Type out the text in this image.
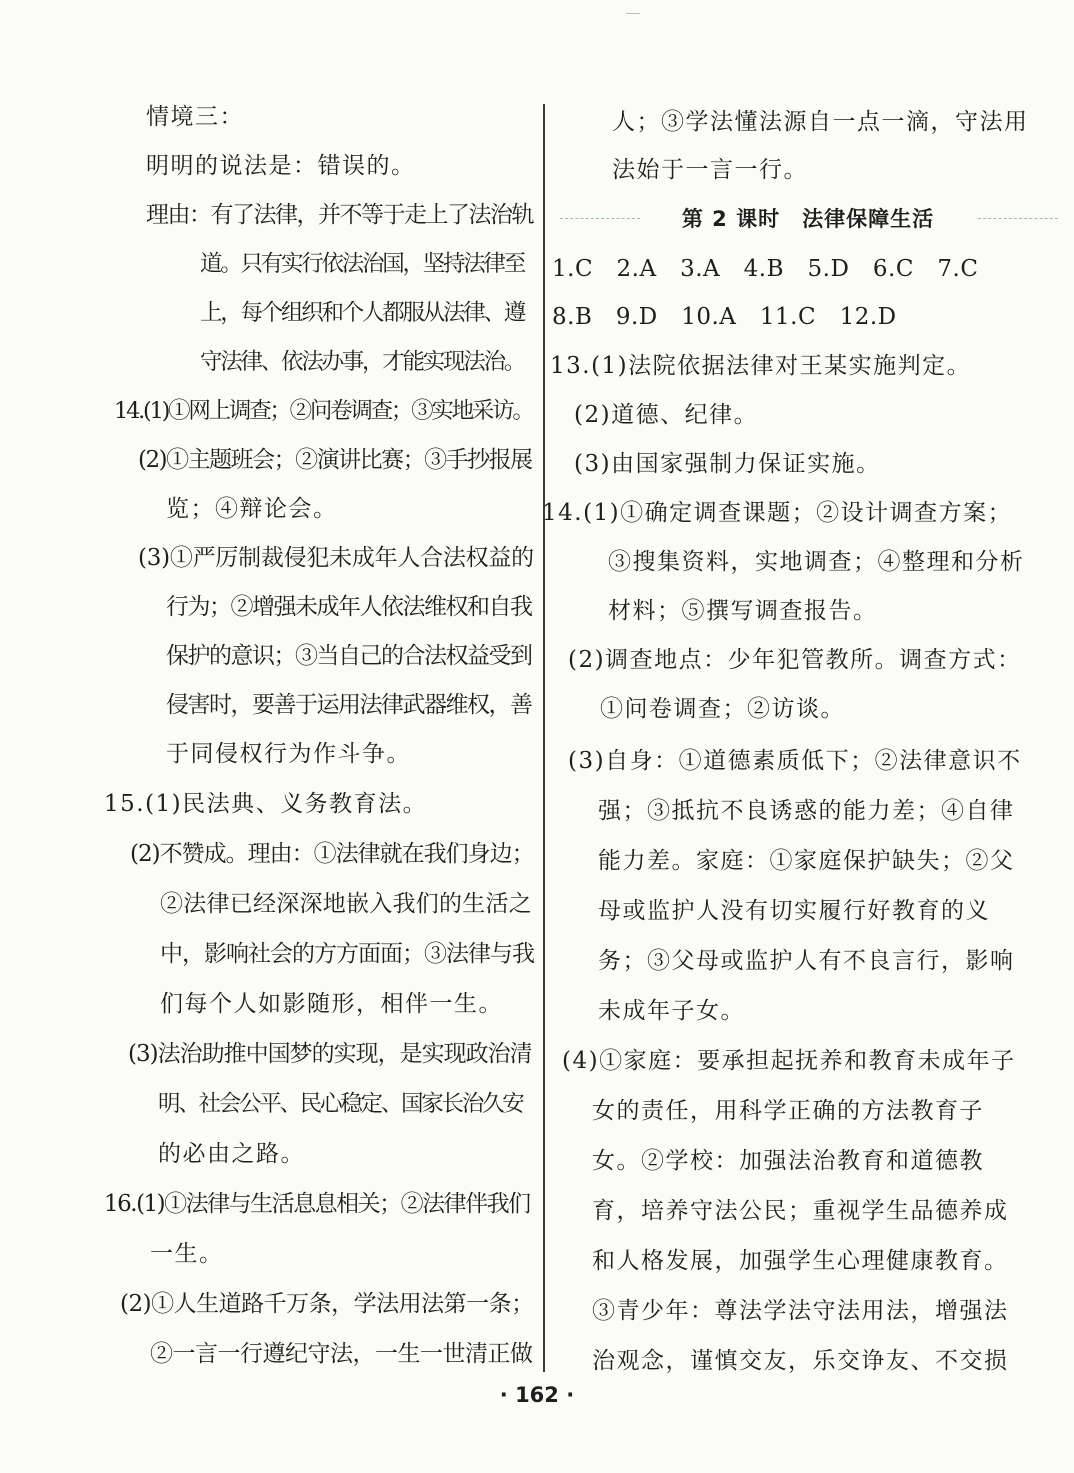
情境三：
明明的说法是：错误的。
理由：有了法律，并不等于走上了法治轨
道。只有实行依法治国，坚持法律至
上，每个组织和个人都服从法律、遵
守法律、依法办事，才能实现法治。
14.(1)①网上调查；②问卷调查；③实地采访。
(2)①主题班会；②演讲比赛；③手抄报展
览；④辩论会。
(3)①严厉制裁侵犯未成年人合法权益的
行为；②增强未成年人依法维权和自我
保护的意识；③当自己的合法权益受到
侵害时，要善于运用法律武器维权，善
于同侵权行为作斗争。
15.(1)民法典、义务教育法。
(2)不赞成。理由：①法律就在我们身边；
②法律已经深深地嵌入我们的生活之
中，影响社会的方方面面；③法律与我
们每个人如影随形，相伴一生。
(3)法治助推中国梦的实现，是实现政治清
明、社会公平、民心稳定、国家长治久安
的必由之路。
16.(1)①法律与生活息息相关；②法律伴我们
一生。
(2)①人生道路千万条，学法用法第一条；
②一言一行遵纪守法，一生一世清正做
人；③学法懂法源自一点一滴，守法用
法始于一言一行。
第 2 课时　法律保障生活
1.C　2.A　3.A　4.B　5.D　6.C　7.C
8.B　9.D　10.A　11.C　12.D
13.(1)法院依据法律对王某实施判定。
(2)道德、纪律。
(3)由国家强制力保证实施。
14.(1)①确定调查课题；②设计调查方案；
③搜集资料，实地调查；④整理和分析
材料；⑤撰写调查报告。
(2)调查地点：少年犯管教所。调查方式：
①问卷调查；②访谈。
(3)自身：①道德素质低下；②法律意识不
强；③抵抗不良诱惑的能力差；④自律
能力差。家庭：①家庭保护缺失；②父
母或监护人没有切实履行好教育的义
务；③父母或监护人有不良言行，影响
未成年子女。
(4)①家庭：要承担起抚养和教育未成年子
女的责任，用科学正确的方法教育子
女。②学校：加强法治教育和道德教
育，培养守法公民；重视学生品德养成
和人格发展，加强学生心理健康教育。
③青少年：尊法学法守法用法，增强法
治观念，谨慎交友，乐交诤友、不交损
· 162 ·
